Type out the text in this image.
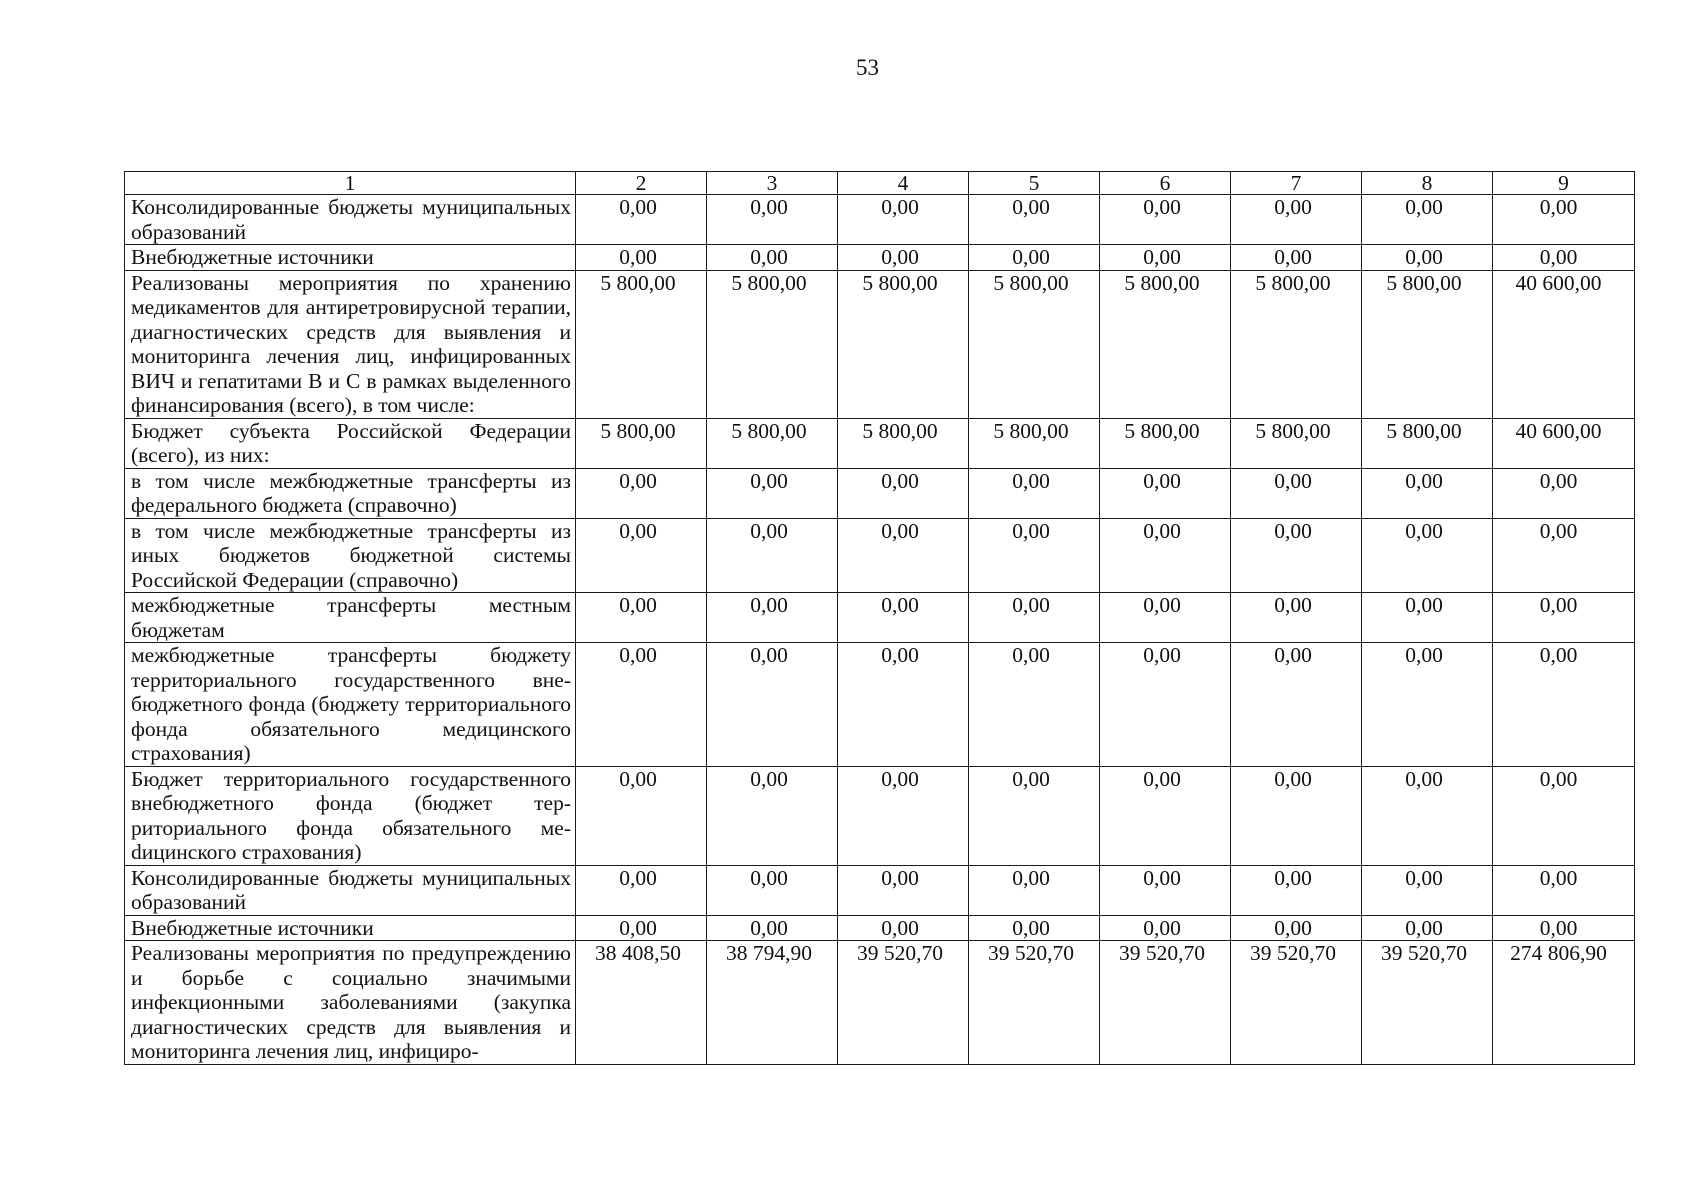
53
1	2	3	4	5	6	7	8	9
Консолидированные бюджеты муниципальных образований	0,00	0,00	0,00	0,00	0,00	0,00	0,00	0,00
Внебюджетные источники	0,00	0,00	0,00	0,00	0,00	0,00	0,00	0,00
Реализованы мероприятия по хранению медикаментов для антиретровирусной терапии, диагностических средств для выявления и мониторинга лечения лиц, инфицированных ВИЧ и гепатитами В и С в рамках выделенного финансирования (всего), в том числе:	5 800,00	5 800,00	5 800,00	5 800,00	5 800,00	5 800,00	5 800,00	40 600,00
Бюджет субъекта Российской Федерации (всего), из них:	5 800,00	5 800,00	5 800,00	5 800,00	5 800,00	5 800,00	5 800,00	40 600,00
в том числе межбюджетные трансферты из федерального бюджета (справочно)	0,00	0,00	0,00	0,00	0,00	0,00	0,00	0,00
в том числе межбюджетные трансферты из иных бюджетов бюджетной системы Российской Федерации (справочно)	0,00	0,00	0,00	0,00	0,00	0,00	0,00	0,00
межбюджетные трансферты местным бюджетам	0,00	0,00	0,00	0,00	0,00	0,00	0,00	0,00
межбюджетные трансферты бюджету территориального государственного внебюджетного фонда (бюджету территориального фонда обязательного медицинского страхования)	0,00	0,00	0,00	0,00	0,00	0,00	0,00	0,00
Бюджет территориального государственного внебюджетного фонда (бюджет территориального фонда обязательного меdицинского страхования)	0,00	0,00	0,00	0,00	0,00	0,00	0,00	0,00
Консолидированные бюджеты муниципальных образований	0,00	0,00	0,00	0,00	0,00	0,00	0,00	0,00
Внебюджетные источники	0,00	0,00	0,00	0,00	0,00	0,00	0,00	0,00
Реализованы мероприятия по предупреждению и борьбе с социально значимыми инфекционными заболеваниями (закупка диагностических средств для выявления и мониторинга лечения лиц, инфициро-	38 408,50	38 794,90	39 520,70	39 520,70	39 520,70	39 520,70	39 520,70	274 806,90
